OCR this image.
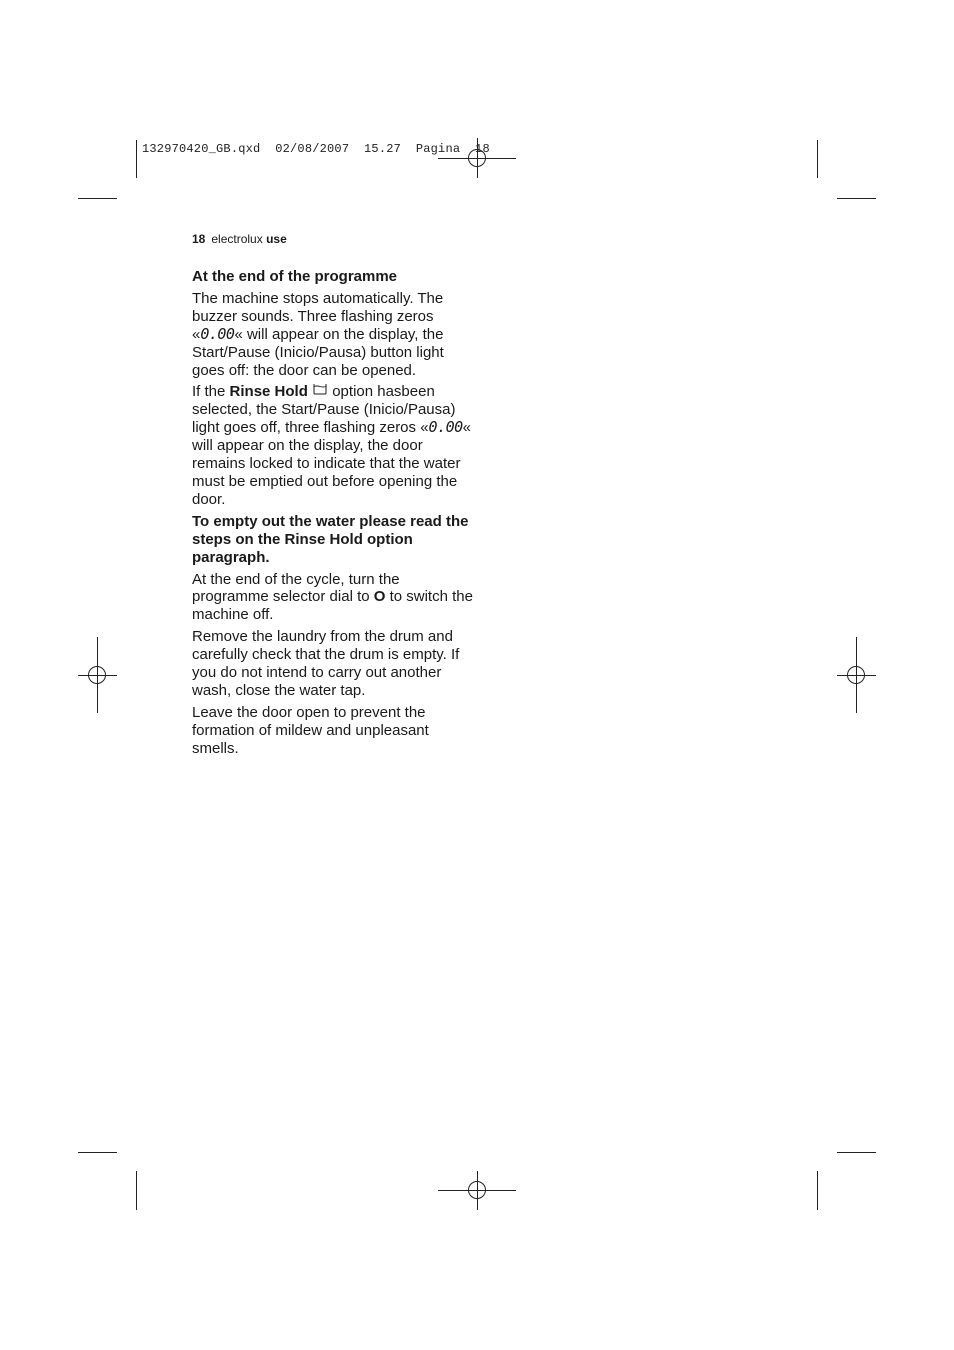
132970420_GB.qxd  02/08/2007  15.27  Pagina  18
18 electrolux use
At the end of the programme

The machine stops automatically. The buzzer sounds. Three flashing zeros «0.00« will appear on the display, the Start/Pause (Inicio/Pausa) button light goes off: the door can be opened.

If the Rinse Hold  option hasbeen selected, the Start/Pause (Inicio/Pausa) light goes off, three flashing zeros «0.00« will appear on the display, the door remains locked to indicate that the water must be emptied out before opening the door.

To empty out the water please read the steps on the Rinse Hold option paragraph.

At the end of the cycle, turn the programme selector dial to O to switch the machine off.

Remove the laundry from the drum and carefully check that the drum is empty. If you do not intend to carry out another wash, close the water tap.

Leave the door open to prevent the formation of mildew and unpleasant smells.
